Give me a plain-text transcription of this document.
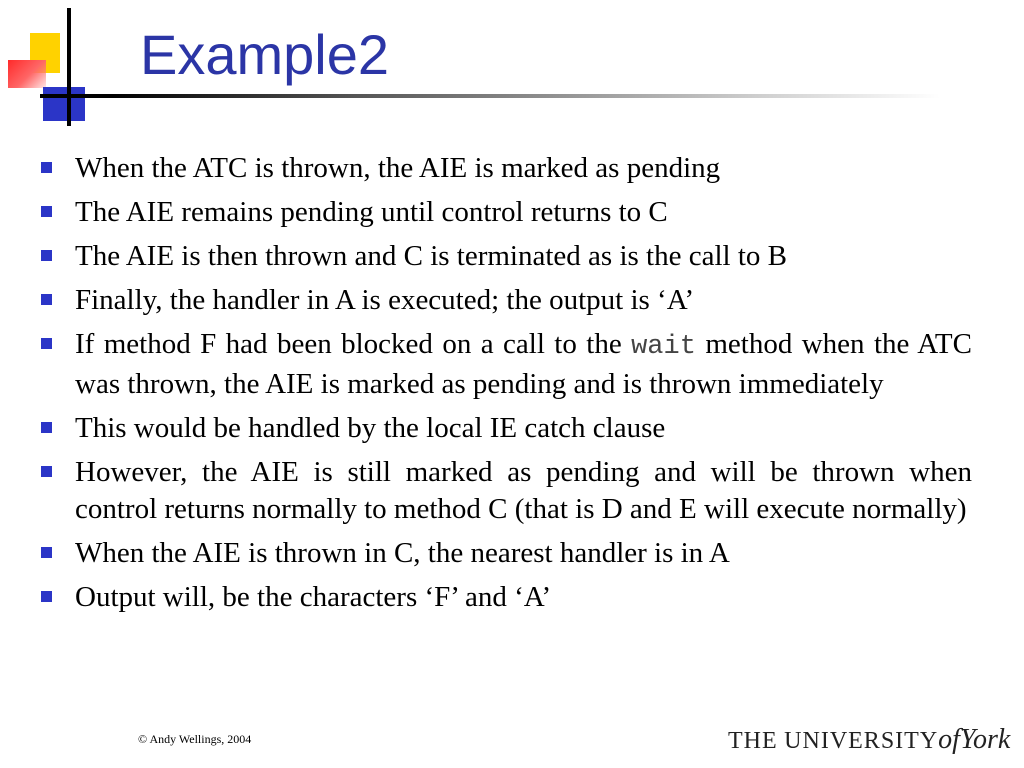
Example2
When the ATC is thrown, the AIE is marked as pending
The AIE remains pending until control returns to C
The AIE is then thrown and C is terminated as is the call to B
Finally, the handler in A is executed; the output is ‘A’
If method F had been blocked on a call to the wait method when the ATC was thrown, the AIE is marked as pending and is thrown immediately
This would be handled by the local IE catch clause
However, the AIE is still marked as pending and will be thrown when control returns normally to method C (that is D and E will execute normally)
When the AIE is thrown in C, the nearest handler is in A
Output will, be the characters ‘F’ and ‘A’
© Andy Wellings, 2004	THE UNIVERSITYofYork
